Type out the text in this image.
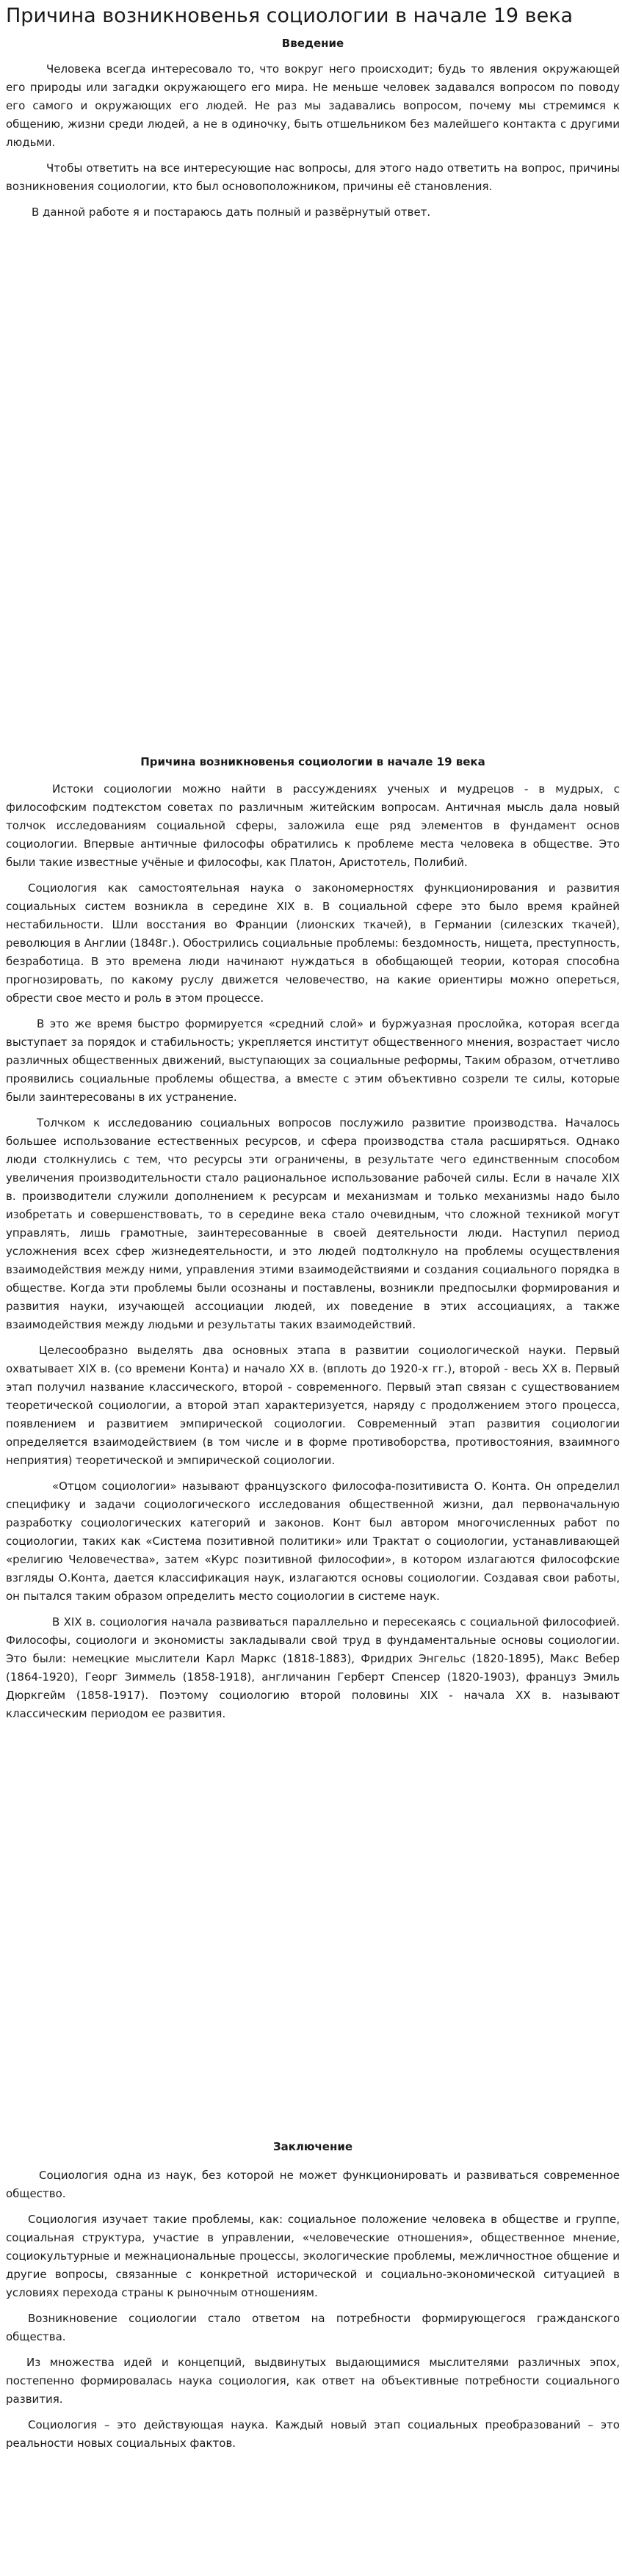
Причина возникновенья социологии в начале 19 века
Введение

Человека всегда интересовало то, что вокруг него происходит; будь то явления окружающей его природы или загадки окружающего его мира. Не меньше человек задавался вопросом по поводу его самого и окружающих его людей. Не раз мы задавались вопросом, почему мы стремимся к общению, жизни среди людей, а не в одиночку, быть отшельником без малейшего контакта с другими людьми.

Чтобы ответить на все интересующие нас вопросы, для этого надо ответить на вопрос, причины возникновения социологии, кто был основоположником, причины её становления.

В данной работе я и постараюсь дать полный и развёрнутый ответ.

Причина возникновенья социологии в начале 19 века

Истоки социологии можно найти в рассуждениях ученых и мудрецов - в мудрых, с философским подтекстом советах по различным житейским вопросам. Античная мысль дала новый толчок исследованиям социальной сферы, заложила еще ряд элементов в фундамент основ социологии. Впервые античные философы обратились к проблеме места человека в обществе. Это были такие известные учёные и философы, как Платон, Аристотель, Полибий.

Социология как самостоятельная наука о закономерностях функционирования и развития социальных систем возникла в середине XIX в. В социальной сфере это было время крайней нестабильности. Шли восстания во Франции (лионских ткачей), в Германии (силезских ткачей), революция в Англии (1848г.). Обострились социальные проблемы: бездомность, нищета, преступность, безработица. В это времена люди начинают нуждаться в обобщающей теории, которая способна прогнозировать, по какому руслу движется человечество, на какие ориентиры можно опереться, обрести свое место и роль в этом процессе.

В это же время быстро формируется «средний слой» и буржуазная прослойка, которая всегда выступает за порядок и стабильность; укрепляется институт общественного мнения, возрастает число различных общественных движений, выступающих за социальные реформы, Таким образом, отчетливо проявились социальные проблемы общества, а вместе с этим объективно созрели те силы, которые были заинтересованы в их устранение.

Толчком к исследованию социальных вопросов послужило развитие производства. Началось большее использование естественных ресурсов, и сфера производства стала расширяться. Однако люди столкнулись с тем, что ресурсы эти ограничены, в результате чего единственным способом увеличения производительности стало рациональное использование рабочей силы. Если в начале XIX в. производители служили дополнением к ресурсам и механизмам и только механизмы надо было изобретать и совершенствовать, то в середине века стало очевидным, что сложной техникой могут управлять, лишь грамотные, заинтересованные в своей деятельности люди. Наступил период усложнения всех сфер жизнедеятельности, и это людей подтолкнуло на проблемы осуществления взаимодействия между ними, управления этими взаимодействиями и создания социального порядка в обществе. Когда эти проблемы были осознаны и поставлены, возникли предпосылки формирования и развития науки, изучающей ассоциации людей, их поведение в этих ассоциациях, а также взаимодействия между людьми и результаты таких взаимодействий.

Целесообразно выделять два основных этапа в развитии социологической науки. Первый охватывает XIX в. (со времени Конта) и начало XX в. (вплоть до 1920-х гг.), второй - весь XX в. Первый этап получил название классического, второй - современного. Первый этап связан с существованием теоретической социологии, а второй этап характеризуется, наряду с продолжением этого процесса, появлением и развитием эмпирической социологии. Современный этап развития социологии определяется взаимодействием (в том числе и в форме противоборства, противостояния, взаимного неприятия) теоретической и эмпирической социологии.

«Отцом социологии» называют французского философа-позитивиста О. Конта. Он определил специфику и задачи социологического исследования общественной жизни, дал первоначальную разработку социологических категорий и законов. Конт был автором многочисленных работ по социологии, таких как «Система позитивной политики» или Трактат о социологии, устанавливающей «религию Человечества», затем «Курс позитивной философии», в котором излагаются философские взгляды О.Конта, дается классификация наук, излагаются основы социологии. Создавая свои работы, он пытался таким образом определить место социологии в системе наук.

В XIX в. социология начала развиваться параллельно и пересекаясь с социальной философией. Философы, социологи и экономисты закладывали свой труд в фундаментальные основы социологии. Это были: немецкие мыслители Карл Маркс (1818-1883), Фридрих Энгельс (1820-1895), Макс Вебер (1864-1920), Георг Зиммель (1858-1918), англичанин Герберт Спенсер (1820-1903), француз Эмиль Дюркгейм (1858-1917). Поэтому социологию второй половины XIX - начала XX в. называют классическим периодом ее развития.

Заключение

Социология одна из наук, без которой не может функционировать и развиваться современное общество.

Социология изучает такие проблемы, как: социальное положение человека в обществе и группе, социальная структура, участие в управлении, «человеческие отношения», общественное мнение, социокультурные и межнациональные процессы, экологические проблемы, межличностное общение и другие вопросы, связанные с конкретной исторической и социально-экономической ситуацией в условиях перехода страны к рыночным отношениям.

Возникновение социологии стало ответом на потребности формирующегося гражданского общества.

Из множества идей и концепций, выдвинутых выдающимися мыслителями различных эпох, постепенно формировалась наука социология, как ответ на объективные потребности социального развития.

Социология – это действующая наука. Каждый новый этап социальных преобразований – это реальности новых социальных фактов.
